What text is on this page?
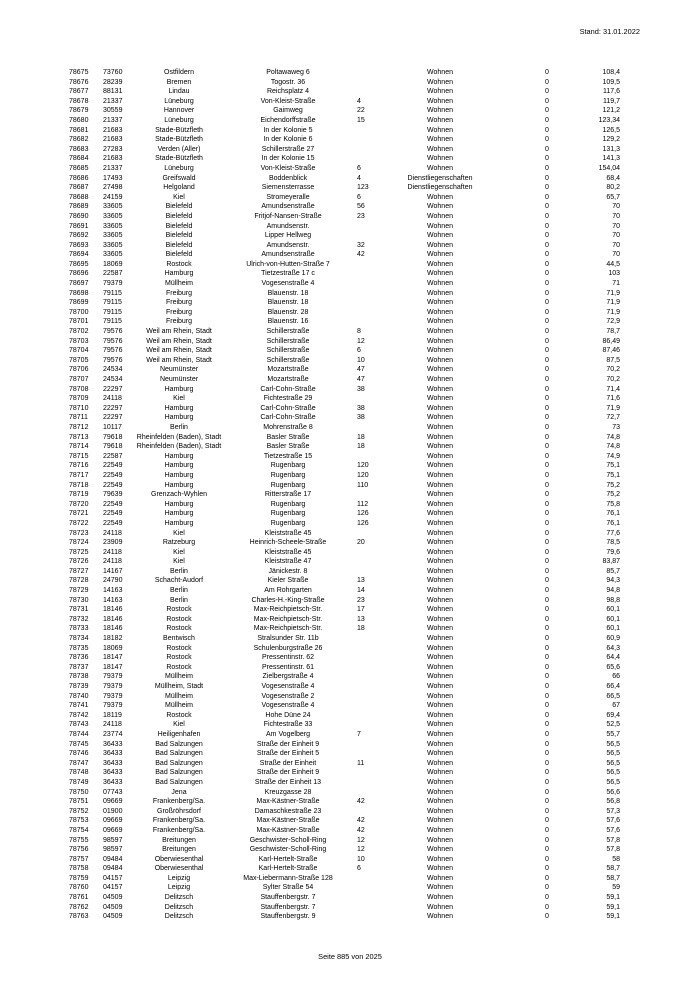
Stand: 31.01.2022
78675 73760	Ostfildern	Poltawaweg 6	Wohnen	0	108,4
78676 28239	Bremen	Togostr. 36	Wohnen	0	109,5
78677 88131	Lindau	Reichsplatz 4	Wohnen	0	117,6
78678 21337	Lüneburg	Von-Kleist-Straße	4	Wohnen	0	119,7
78679 30559	Hannover	Gaimweg	22	Wohnen	0	121,2
78680 21337	Lüneburg	Eichendorffstraße	15	Wohnen	0	123,34
78681 21683	Stade-Bützfleth	In der Kolonie 5	Wohnen	0	126,5
78682 21683	Stade-Bützfleth	In der Kolonie 6	Wohnen	0	129,2
78683 27283	Verden (Aller)	Schillerstraße 27	Wohnen	0	131,3
78684 21683	Stade-Bützfleth	In der Kolonie 15	Wohnen	0	141,3
78685 21337	Lüneburg	Von-Kleist-Straße	6	Wohnen	0	154,04
78686 17493	Greifswald	Boddenblick	4	Dienstliegenschaften	0	68,4
78687 27498	Helgoland	Siemensterrasse	123	Dienstliegenschaften	0	80,2
78688 24159	Kiel	Stromeyeralle	6	Wohnen	0	65,7
78689 33605	Bielefeld	Amundsenstraße	56	Wohnen	0	70
78690 33605	Bielefeld	Fritjof-Nansen-Straße	23	Wohnen	0	70
78691 33605	Bielefeld	Amundsenstr.	Wohnen	0	70
78692 33605	Bielefeld	Lipper Hellweg	Wohnen	0	70
78693 33605	Bielefeld	Amundsenstr.	32	Wohnen	0	70
78694 33605	Bielefeld	Amundsenstraße	42	Wohnen	0	70
78695 18069	Rostock	Ulrich-von-Hutten-Straße 7	Wohnen	0	44,5
78696 22587	Hamburg	Tietzestraße 17 c	Wohnen	0	103
78697 79379	Müllheim	Vogesenstraße 4	Wohnen	0	71
78698 79115	Freiburg	Blauenstr. 18	Wohnen	0	71,9
78699 79115	Freiburg	Blauenstr. 18	Wohnen	0	71,9
78700 79115	Freiburg	Blauenstr. 28	Wohnen	0	71,9
78701 79115	Freiburg	Blauenstr. 16	Wohnen	0	72,9
78702 79576	Weil am Rhein, Stadt	Schillerstraße	8	Wohnen	0	78,7
78703 79576	Weil am Rhein, Stadt	Schillerstraße	12	Wohnen	0	86,49
78704 79576	Weil am Rhein, Stadt	Schillerstraße	6	Wohnen	0	87,46
78705 79576	Weil am Rhein, Stadt	Schillerstraße	10	Wohnen	0	87,5
78706 24534	Neumünster	Mozartstraße	47	Wohnen	0	70,2
78707 24534	Neumünster	Mozartstraße	47	Wohnen	0	70,2
78708 22297	Hamburg	Carl-Cohn-Straße	38	Wohnen	0	71,4
78709 24118	Kiel	Fichtestraße 29	Wohnen	0	71,6
78710 22297	Hamburg	Carl-Cohn-Straße	38	Wohnen	0	71,9
78711 22297	Hamburg	Carl-Cohn-Straße	38	Wohnen	0	72,7
78712 10117	Berlin	Mohrenstraße 8	Wohnen	0	73
78713 79618 Rheinfelden (Baden), Stadt	Basler Straße	18	Wohnen	0	74,8
78714 79618 Rheinfelden (Baden), Stadt	Basler Straße	18	Wohnen	0	74,8
78715 22587	Hamburg	Tietzestraße 15	Wohnen	0	74,9
78716 22549	Hamburg	Rugenbarg	120	Wohnen	0	75,1
78717 22549	Hamburg	Rugenbarg	120	Wohnen	0	75,1
78718 22549	Hamburg	Rugenbarg	110	Wohnen	0	75,2
78719 79639	Grenzach-Wyhlen	Ritterstraße 17	Wohnen	0	75,2
78720 22549	Hamburg	Rugenbarg	112	Wohnen	0	75,8
78721 22549	Hamburg	Rugenbarg	126	Wohnen	0	76,1
78722 22549	Hamburg	Rugenbarg	126	Wohnen	0	76,1
78723 24118	Kiel	Kleiststraße 45	Wohnen	0	77,6
78724 23909	Ratzeburg	Heinrich-Scheele-Straße	20	Wohnen	0	78,5
78725 24118	Kiel	Kleiststraße 45	Wohnen	0	79,6
78726 24118	Kiel	Kleiststraße 47	Wohnen	0	83,87
78727 14167	Berlin	Jänickestr. 8	Wohnen	0	85,7
78728 24790	Schacht-Audorf	Kieler Straße	13	Wohnen	0	94,3
78729 14163	Berlin	Am Rohrgarten	14	Wohnen	0	94,8
78730 14163	Berlin	Charles-H.-King-Straße	23	Wohnen	0	98,8
78731 18146	Rostock	Max-Reichpietsch-Str.	17	Wohnen	0	60,1
78732 18146	Rostock	Max-Reichpietsch-Str.	13	Wohnen	0	60,1
78733 18146	Rostock	Max-Reichpietsch-Str.	18	Wohnen	0	60,1
78734 18182	Bentwisch	Stralsunder Str. 11b	Wohnen	0	60,9
78735 18069	Rostock	Schulenburgstraße 26	Wohnen	0	64,3
78736 18147	Rostock	Pressentinstr. 62	Wohnen	0	64,4
78737 18147	Rostock	Pressentinstr. 61	Wohnen	0	65,6
78738 79379	Müllheim	Zielbergstraße 4	Wohnen	0	66
78739 79379	Müllheim, Stadt	Vogesenstraße 4	Wohnen	0	66,4
78740 79379	Müllheim	Vogesenstraße 2	Wohnen	0	66,5
78741 79379	Müllheim	Vogesenstraße 4	Wohnen	0	67
78742 18119	Rostock	Hohe Düne 24	Wohnen	0	69,4
78743 24118	Kiel	Fichtestraße 33	Wohnen	0	52,5
78744 23774	Heiligenhafen	Am Vogelberg	7	Wohnen	0	55,7
78745 36433	Bad Salzungen	Straße der Einheit 9	Wohnen	0	56,5
78746 36433	Bad Salzungen	Straße der Einheit 5	Wohnen	0	56,5
78747 36433	Bad Salzungen	Straße der Einheit	11	Wohnen	0	56,5
78748 36433	Bad Salzungen	Straße der Einheit 9	Wohnen	0	56,5
78749 36433	Bad Salzungen	Straße der Einheit 13	Wohnen	0	56,5
78750 07743	Jena	Kreuzgasse 28	Wohnen	0	56,6
78751 09669	Frankenberg/Sa.	Max-Kästner-Straße	42	Wohnen	0	56,8
78752 01900	Großröhrsdorf	Damaschkestraße 23	Wohnen	0	57,3
78753 09669	Frankenberg/Sa.	Max-Kästner-Straße	42	Wohnen	0	57,6
78754 09669	Frankenberg/Sa.	Max-Kästner-Straße	42	Wohnen	0	57,6
78755 98597	Breitungen	Geschwister-Scholl-Ring	12	Wohnen	0	57,8
78756 98597	Breitungen	Geschwister-Scholl-Ring	12	Wohnen	0	57,8
78757 09484	Oberwiesenthal	Karl-Hertelt-Straße	10	Wohnen	0	58
78758 09484	Oberwiesenthal	Karl-Hertelt-Straße	6	Wohnen	0	58,7
78759 04157	Leipzig	Max-Liebermann-Straße 128	Wohnen	0	58,7
78760 04157	Leipzig	Sylter Straße 54	Wohnen	0	59
78761 04509	Delitzsch	Stauffenbergstr. 7	Wohnen	0	59,1
78762 04509	Delitzsch	Stauffenbergstr. 7	Wohnen	0	59,1
78763 04509	Delitzsch	Stauffenbergstr. 9	Wohnen	0	59,1
Seite 885 von 2025
